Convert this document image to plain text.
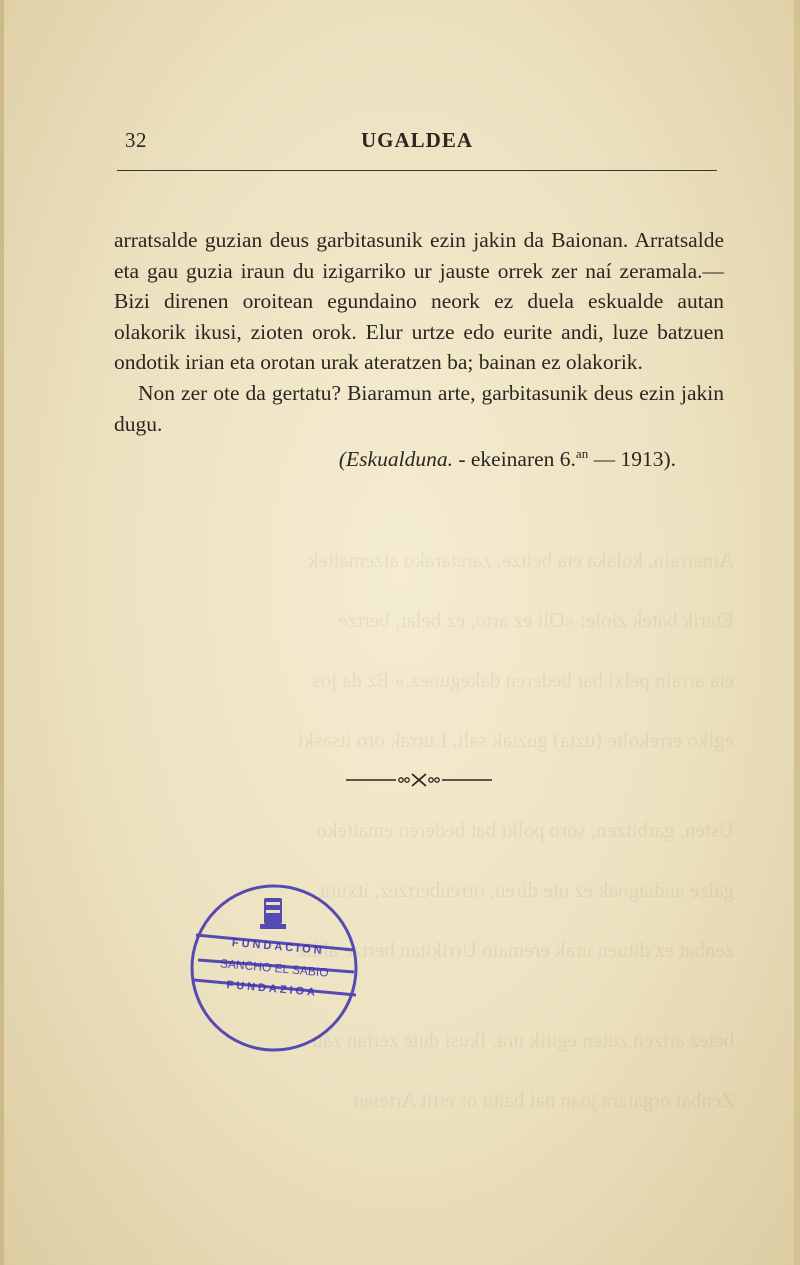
Amarrain, kolaka eta beitze, zaretarako atzemaitek
Etarik batek ziole: «Oli ez arto, ez belar, bertze
eta arrain pelxi bat bederen dakegunez.» Ez da jos
egiko errekolte (uzta) guziak sali. Lurrak oro itsaski
Usten, garbitzen, soro polki bat bederen emaiteko
galze andiagoak ez ote diren, orrenbertzez, itxura
zenbat ez dituen urak eremain Urrikitan bertze aldiz
betez artzen zuten egitik ura. Ikusi dute zertan zau
Zenbat orgatara joan nai baitu or ertit Arteian
32	UGALDEA

arratsalde guzian deus garbitasunik ezin jakin da Baionan. Arratsalde eta gau guzia iraun du izigarriko ur jauste orrek zer naí zeramala.—Bizi direnen oroitean egundaino neork ez duela eskualde autan olakorik ikusi, zioten orok. Elur urtze edo eurite andi, luze batzuen ondotik irian eta orotan urak ateratzen ba; bainan ez olakorik.

Non zer ote da gertatu? Biaramun arte, garbitasunik deus ezin jakin dugu.

(Eskualduna. - ekeinaren 6.$^{an}$ — 1913).

FUNDACION
SANCHO EL SABIO
FUNDAZIOA
